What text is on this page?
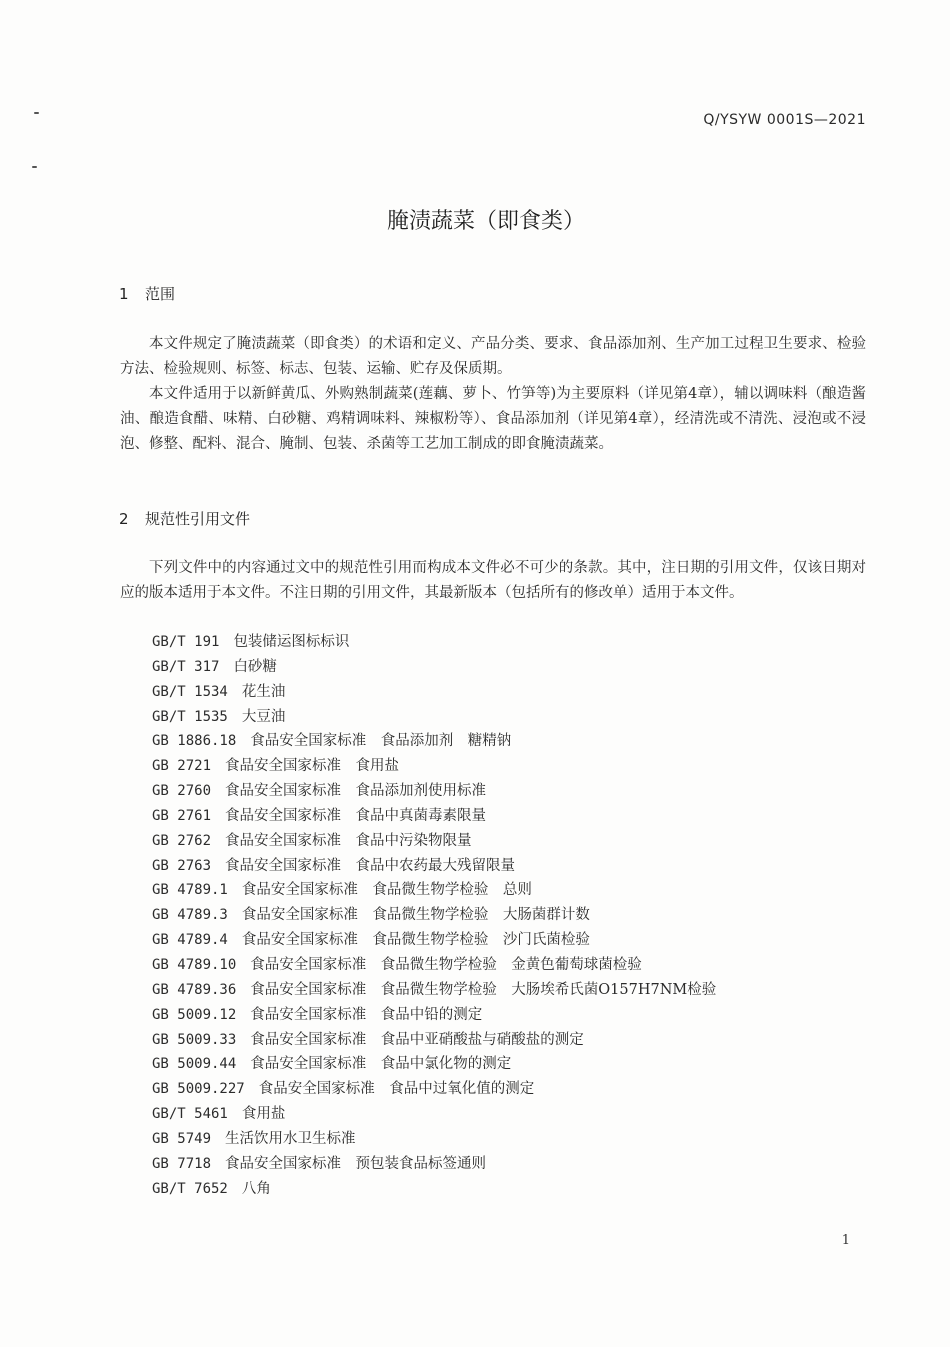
Q/YSYW 0001S—2021
腌渍蔬菜（即食类）
1 范围

本文件规定了腌渍蔬菜（即食类）的术语和定义、产品分类、要求、食品添加剂、生产加工过程卫生要求、检验方法、检验规则、标签、标志、包装、运输、贮存及保质期。

本文件适用于以新鲜黄瓜、外购熟制蔬菜(莲藕、萝卜、竹笋等)为主要原料（详见第4章），辅以调味料（酿造酱油、酿造食醋、味精、白砂糖、鸡精调味料、辣椒粉等）、食品添加剂（详见第4章），经清洗或不清洗、浸泡或不浸泡、修整、配料、混合、腌制、包装、杀菌等工艺加工制成的即食腌渍蔬菜。

2 规范性引用文件

下列文件中的内容通过文中的规范性引用而构成本文件必不可少的条款。其中，注日期的引用文件，仅该日期对应的版本适用于本文件。不注日期的引用文件，其最新版本（包括所有的修改单）适用于本文件。

GB/T 191 包装储运图标标识
GB/T 317 白砂糖
GB/T 1534 花生油
GB/T 1535 大豆油
GB 1886.18 食品安全国家标准　食品添加剂　糖精钠
GB 2721 食品安全国家标准　食用盐
GB 2760 食品安全国家标准　食品添加剂使用标准
GB 2761 食品安全国家标准　食品中真菌毒素限量
GB 2762 食品安全国家标准　食品中污染物限量
GB 2763 食品安全国家标准　食品中农药最大残留限量
GB 4789.1 食品安全国家标准　食品微生物学检验　总则
GB 4789.3 食品安全国家标准　食品微生物学检验　大肠菌群计数
GB 4789.4 食品安全国家标准　食品微生物学检验　沙门氏菌检验
GB 4789.10 食品安全国家标准　食品微生物学检验　金黄色葡萄球菌检验
GB 4789.36 食品安全国家标准　食品微生物学检验　大肠埃希氏菌O157H7NM检验
GB 5009.12 食品安全国家标准　食品中铅的测定
GB 5009.33 食品安全国家标准　食品中亚硝酸盐与硝酸盐的测定
GB 5009.44 食品安全国家标准　食品中氯化物的测定
GB 5009.227 食品安全国家标准　食品中过氧化值的测定
GB/T 5461 食用盐
GB 5749 生活饮用水卫生标准
GB 7718 食品安全国家标准　预包装食品标签通则
GB/T 7652 八角
1
